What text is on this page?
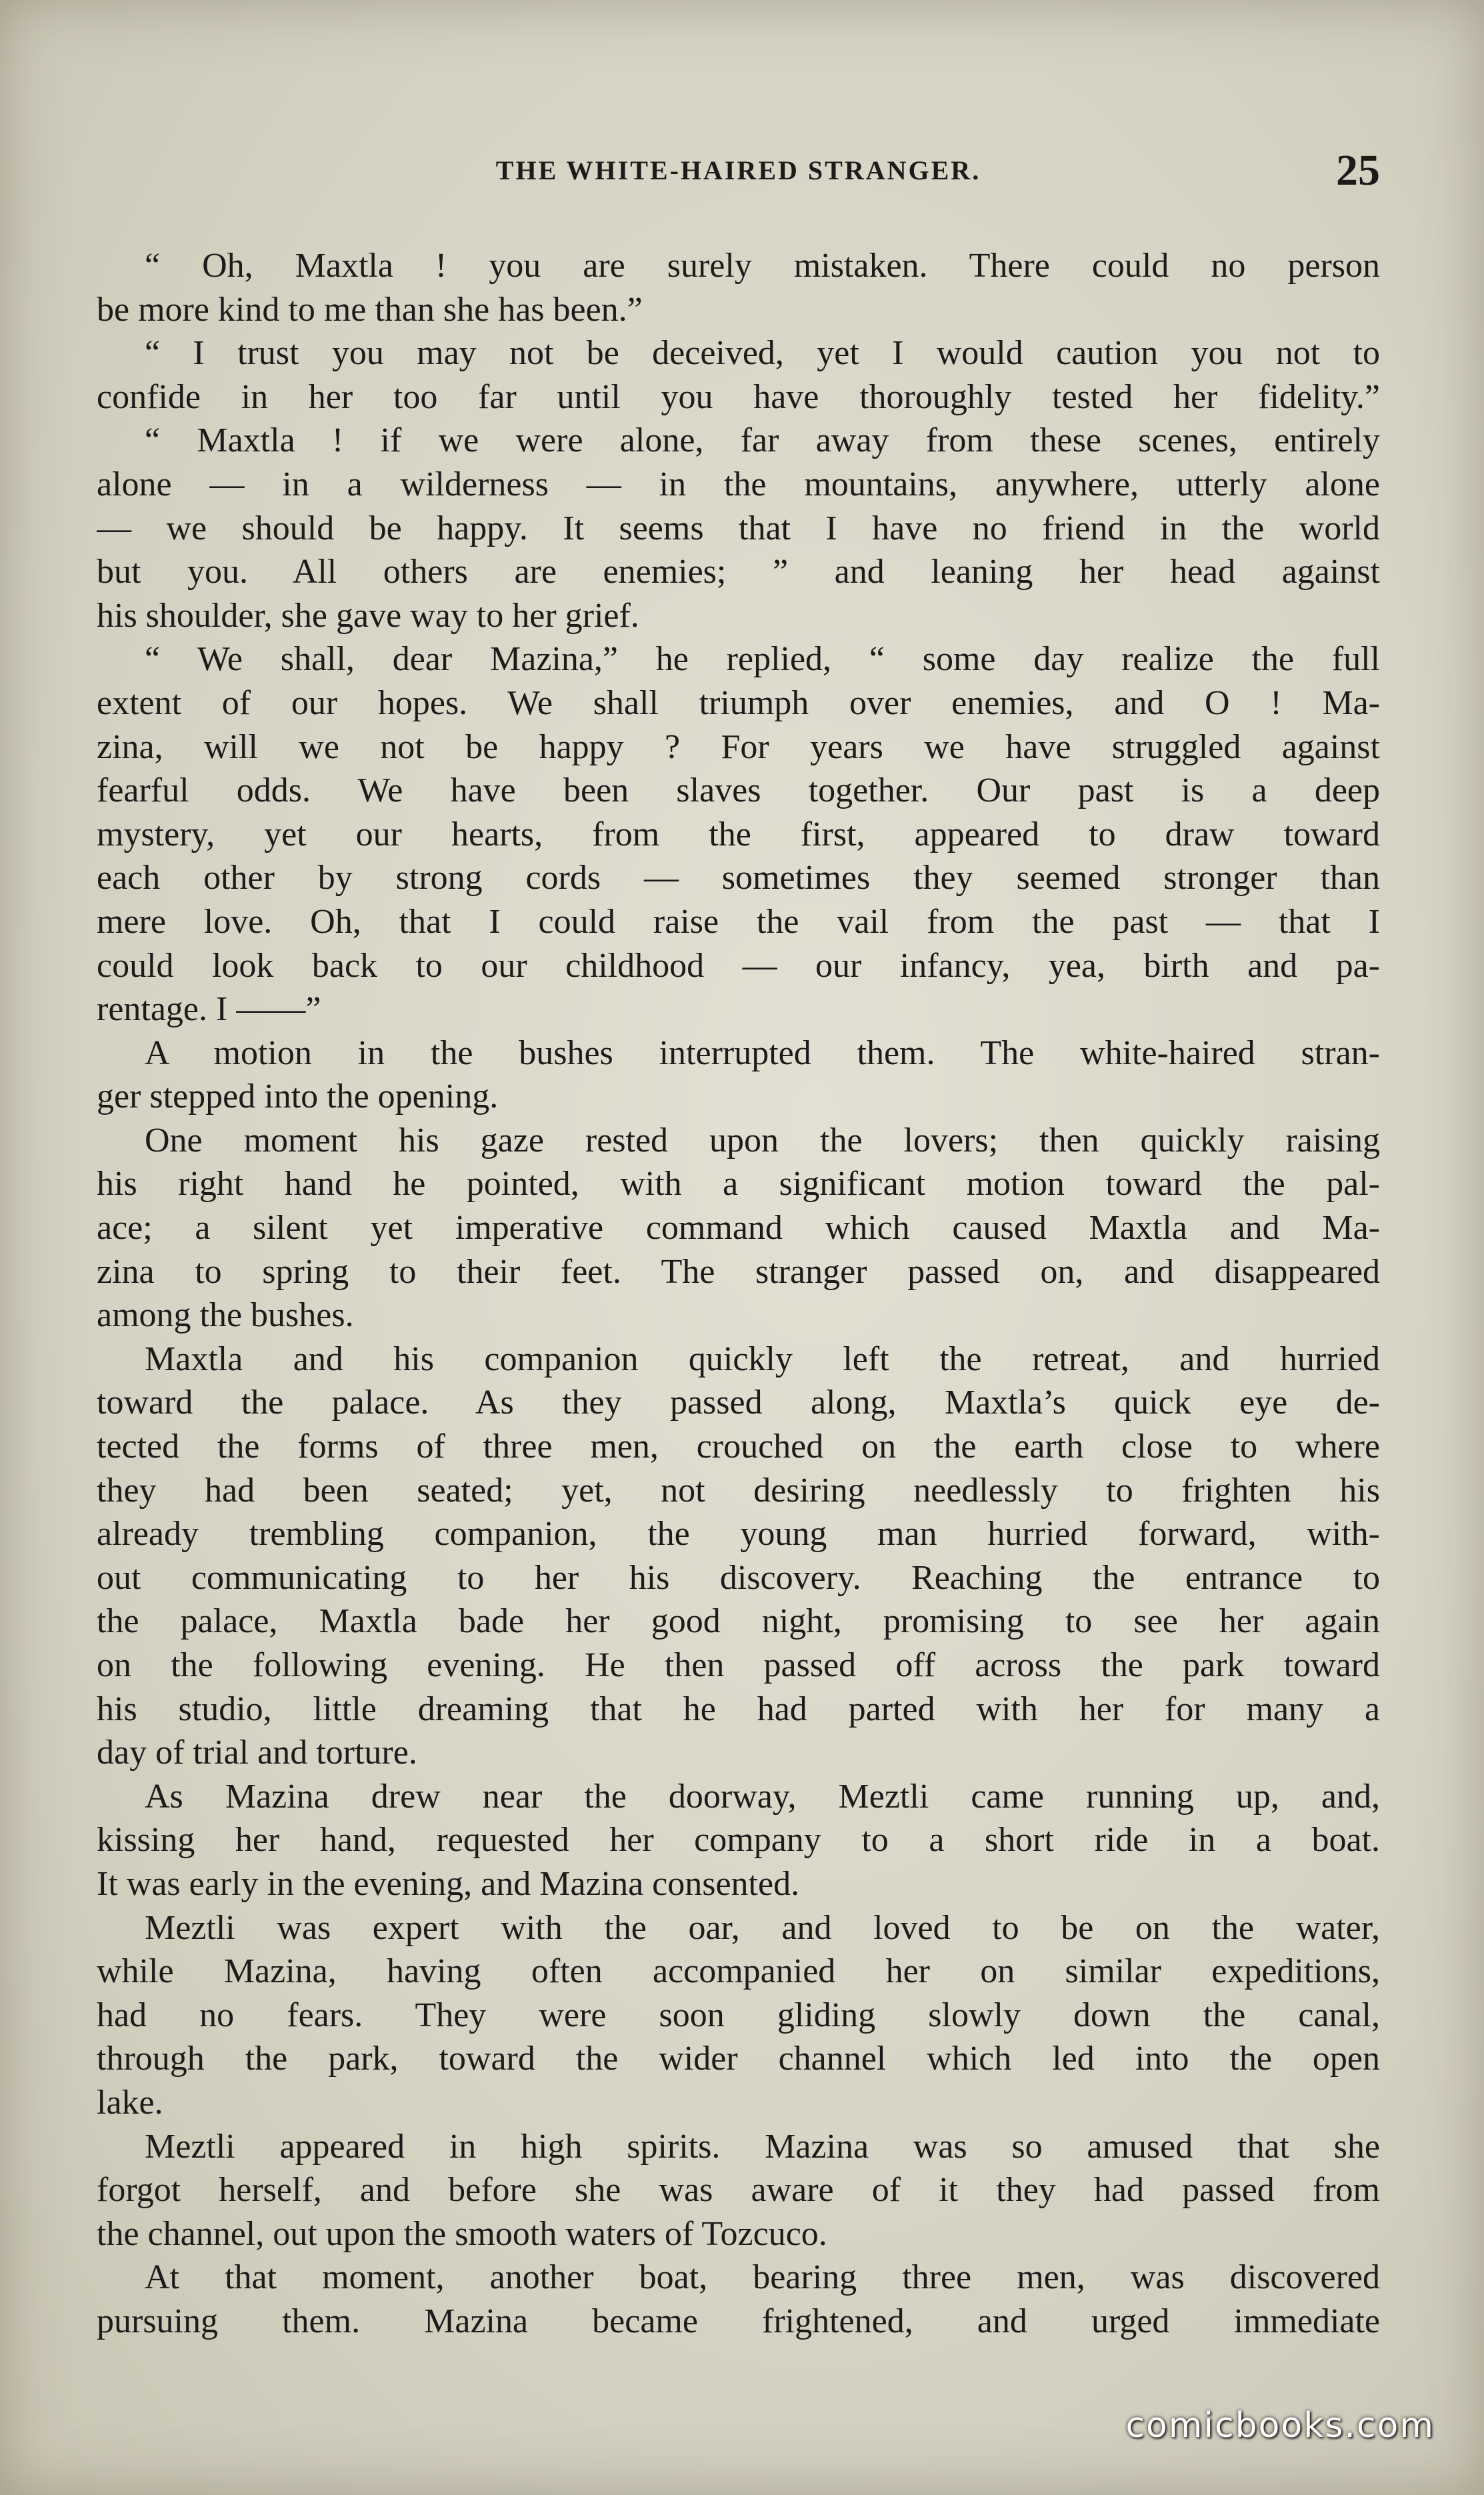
THE WHITE-HAIRED STRANGER.	25
“ Oh, Maxtla ! you are surely mistaken. There could no person
be more kind to me than she has been.”
“ I trust you may not be deceived, yet I would caution you not to
confide in her too far until you have thoroughly tested her fidelity.”
“ Maxtla ! if we were alone, far away from these scenes, entirely
alone — in a wilderness — in the mountains, anywhere, utterly alone
— we should be happy. It seems that I have no friend in the world
but you. All others are enemies; ” and leaning her head against
his shoulder, she gave way to her grief.
“ We shall, dear Mazina,” he replied, “ some day realize the full
extent of our hopes. We shall triumph over enemies, and O ! Ma-
zina, will we not be happy ? For years we have struggled against
fearful odds. We have been slaves together. Our past is a deep
mystery, yet our hearts, from the first, appeared to draw toward
each other by strong cords — sometimes they seemed stronger than
mere love. Oh, that I could raise the vail from the past — that I
could look back to our childhood — our infancy, yea, birth and pa-
rentage. I ——”
A motion in the bushes interrupted them. The white-haired stran-
ger stepped into the opening.
One moment his gaze rested upon the lovers; then quickly raising
his right hand he pointed, with a significant motion toward the pal-
ace; a silent yet imperative command which caused Maxtla and Ma-
zina to spring to their feet. The stranger passed on, and disappeared
among the bushes.
Maxtla and his companion quickly left the retreat, and hurried
toward the palace. As they passed along, Maxtla’s quick eye de-
tected the forms of three men, crouched on the earth close to where
they had been seated; yet, not desiring needlessly to frighten his
already trembling companion, the young man hurried forward, with-
out communicating to her his discovery. Reaching the entrance to
the palace, Maxtla bade her good night, promising to see her again
on the following evening. He then passed off across the park toward
his studio, little dreaming that he had parted with her for many a
day of trial and torture.
As Mazina drew near the doorway, Meztli came running up, and,
kissing her hand, requested her company to a short ride in a boat.
It was early in the evening, and Mazina consented.
Meztli was expert with the oar, and loved to be on the water,
while Mazina, having often accompanied her on similar expeditions,
had no fears. They were soon gliding slowly down the canal,
through the park, toward the wider channel which led into the open
lake.
Meztli appeared in high spirits. Mazina was so amused that she
forgot herself, and before she was aware of it they had passed from
the channel, out upon the smooth waters of Tozcuco.
At that moment, another boat, bearing three men, was discovered
pursuing them. Mazina became frightened, and urged immediate
comicbooks.com
